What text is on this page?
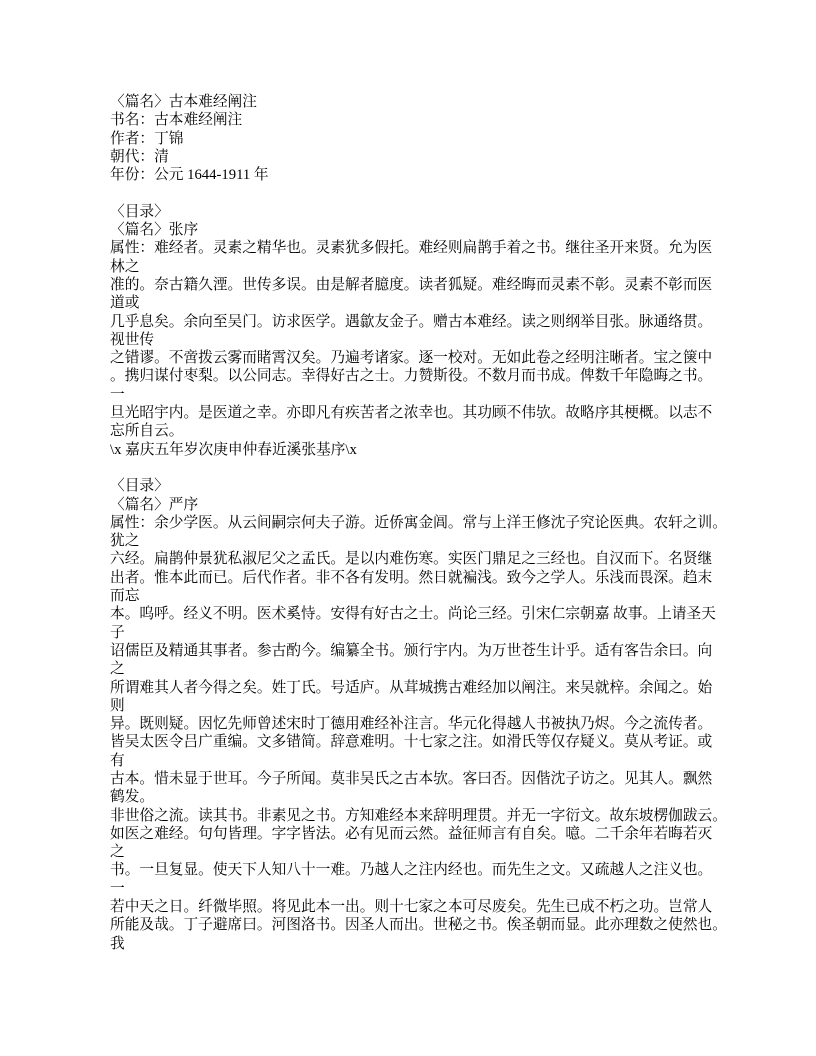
〈篇名〉古本难经阐注
书名：古本难经阐注
作者：丁锦
朝代：清
年份：公元 1644-1911 年

〈目录〉
〈篇名〉张序
属性：难经者。灵素之精华也。灵素犹多假托。难经则扁鹊手着之书。继往圣开来贤。允为医
林之
准的。奈古籍久湮。世传多误。由是解者臆度。读者狐疑。难经晦而灵素不彰。灵素不彰而医
道或
几乎息矣。余向至吴门。访求医学。遇歙友金子。赠古本难经。读之则纲举目张。脉通络贯。
视世传
之错谬。不啻拨云雾而睹霄汉矣。乃遍考诸家。逐一校对。无如此卷之经明注晰者。宝之箧中
。携归谋付枣梨。以公同志。幸得好古之士。力赞斯役。不数月而书成。俾数千年隐晦之书。
一
旦光昭宇内。是医道之幸。亦即凡有疾苦者之浓幸也。其功顾不伟欤。故略序其梗概。以志不
忘所自云。
\x 嘉庆五年岁次庚申仲春近溪张基序\x

〈目录〉
〈篇名〉严序
属性：余少学医。从云间嗣宗何夫子游。近侨寓金阊。常与上洋王修沈子究论医典。农轩之训。
犹之
六经。扁鹊仲景犹私淑尼父之孟氏。是以内难伤寒。实医门鼎足之三经也。自汉而下。名贤继
出者。惟本此而已。后代作者。非不各有发明。然日就褊浅。致今之学人。乐浅而畏深。趋末
而忘
本。呜呼。经义不明。医术奚恃。安得有好古之士。尚论三经。引宋仁宗朝嘉 故事。上请圣天
子
诏儒臣及精通其事者。参古酌今。编纂全书。颁行宇内。为万世苍生计乎。适有客告余曰。向
之
所谓难其人者今得之矣。姓丁氏。号适庐。从茸城携古难经加以阐注。来吴就梓。余闻之。始
则
异。既则疑。因忆先师曾述宋时丁德用难经补注言。华元化得越人书被执乃烬。今之流传者。
皆吴太医令吕广重编。文多错简。辞意难明。十七家之注。如滑氏等仅存疑义。莫从考证。或
有
古本。惜未显于世耳。今子所闻。莫非吴氏之古本欤。客曰否。因偕沈子访之。见其人。飘然
鹤发。
非世俗之流。读其书。非素见之书。方知难经本来辞明理贯。并无一字衍文。故东坡楞伽跋云。
如医之难经。句句皆理。字字皆法。必有见而云然。益征师言有自矣。噫。二千余年若晦若灭
之
书。一旦复显。使天下人知八十一难。乃越人之注内经也。而先生之文。又疏越人之注义也。
一
若中天之日。纤微毕照。将见此本一出。则十七家之本可尽废矣。先生已成不朽之功。岂常人
所能及哉。丁子避席曰。河图洛书。因圣人而出。世秘之书。俟圣朝而显。此亦理数之使然也。
我
